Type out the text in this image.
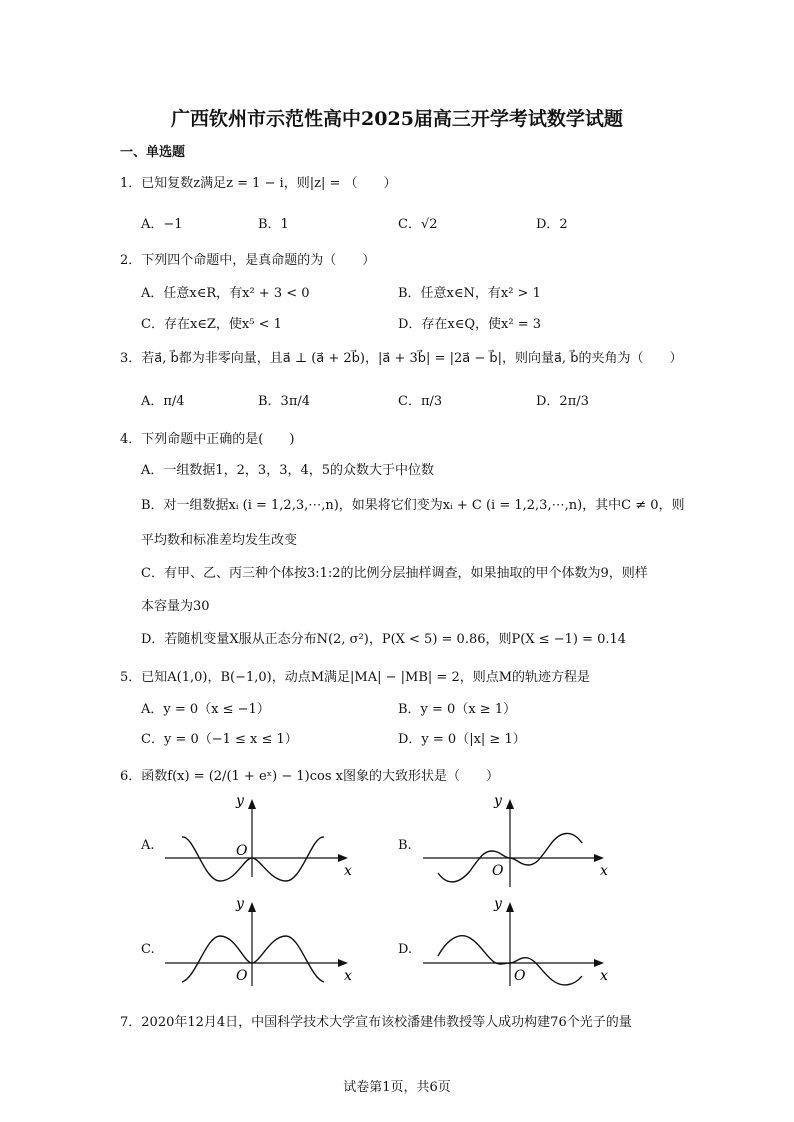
广西钦州市示范性高中2025届高三开学考试数学试题
一、单选题
1．已知复数z满足z = 1 − i，则|z| = （　　）
A．−1	B．1	C．√2	D．2
2．下列四个命题中，是真命题的为（　　）
A．任意x∈R，有x² + 3 < 0	B．任意x∈N，有x² > 1
C．存在x∈Z，使x⁵ < 1	D．存在x∈Q，使x² = 3
3．若a⃗, b⃗都为非零向量，且a⃗ ⊥ (a⃗ + 2b⃗)，|a⃗ + 3b⃗| = |2a⃗ − b⃗|，则向量a⃗, b⃗的夹角为（　　）
A．π/4	B．3π/4	C．π/3	D．2π/3
4．下列命题中正确的是(　　)
A．一组数据1，2，3，3，4，5的众数大于中位数
B．对一组数据xᵢ (i = 1,2,3,⋯,n)，如果将它们变为xᵢ + C (i = 1,2,3,⋯,n)，其中C ≠ 0，则
平均数和标准差均发生改变
C．有甲、乙、丙三种个体按3:1:2的比例分层抽样调查，如果抽取的甲个体数为9，则样
本容量为30
D．若随机变量X服从正态分布N(2, σ²)，P(X < 5) = 0.86，则P(X ≤ −1) = 0.14
5．已知A(1,0)，B(−1,0)，动点M满足|MA| − |MB| = 2，则点M的轨迹方程是
A．y = 0（x ≤ −1）	B．y = 0（x ≥ 1）
C．y = 0（−1 ≤ x ≤ 1）	D．y = 0（|x| ≥ 1）
6．函数f(x) = (2/(1 + eˣ) − 1)cos x图象的大致形状是（　　）
A.	B.
C.	D.
x
y
O
x
y
O
x
y
O	x
y
O
7．2020年12月4日，中国科学技术大学宣布该校潘建伟教授等人成功构建76个光子的量
试卷第1页，共6页
